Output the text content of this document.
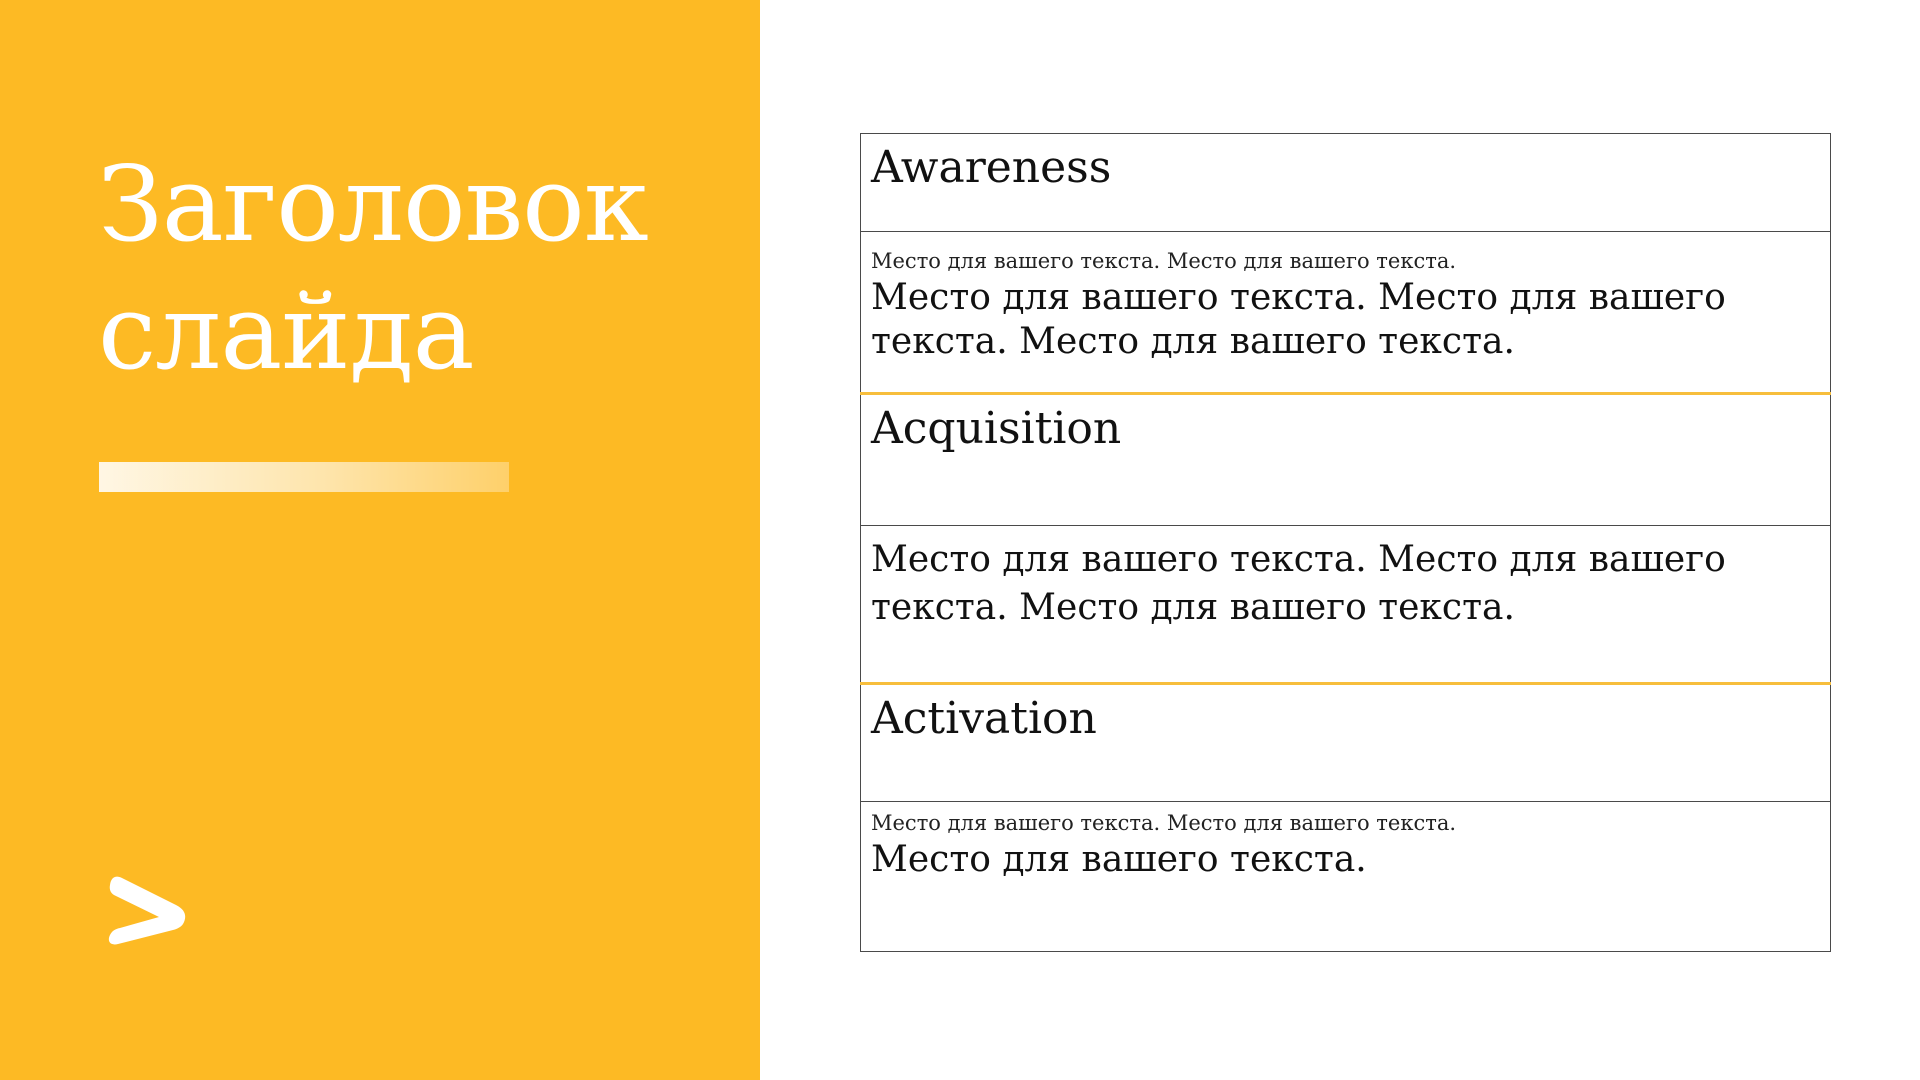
Заголовок
слайда
Awareness

Место для вашего текста. Место для вашего текста.
Место для вашего текста. Место для вашего текста. Место для вашего текста.

Acquisition

Место для вашего текста. Место для вашего текста. Место для вашего текста.

Activation

Место для вашего текста. Место для вашего текста.
Место для вашего текста.
